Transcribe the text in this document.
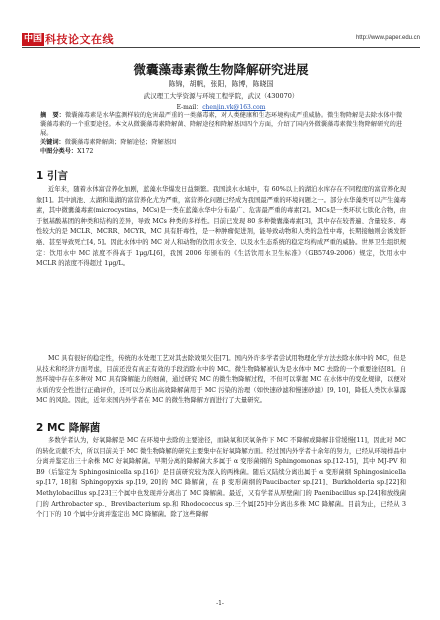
中国 科技论文在线	http://www.paper.edu.cn
微囊藻毒素微生物降解研究进展
陈锦，胡帆，张阳，陈博，陈晓国
武汉理工大学资源与环境工程学院，武汉（430070）
E-mail：chenjin.vk@163.com
摘　要：微囊藻毒素是水华监测样较的危害最严重的一类藻毒素，对人类健康和生态环境构成严重威胁。微生物降解是去除水体中微囊藻毒素的一个重要途径。本文从微囊藻毒素降解菌、降解途径和降解基因四个方面，介绍了国内外微囊藻毒素微生物降解研究的进展。
关键词：微囊藻毒素降解菌；降解途径；降解基因
中图分类号：X172
1 引言
近年来，随着水体富营养化加剧，蓝藻水华爆发日益频繁。我国淡水水域中，有 60%以上的湖泊水库存在不同程度的富营养化现象[1]。其中滇池、太湖和巢湖的富营养化尤为严重，富营养化问题已经成为我国最严重的环境问题之一。部分水华藻类可以产生藻毒素，其中微囊藻毒素(microcystins，MCs)是一类在蓝藻水华中分布最广、危害最严重的毒素[2]。MCs是一类环状七肽化合物，由于氨基酸基团的种类和结构的差异，导致 MCs 种类的多样性。目前已发现 80 多种微囊藻毒素[3]，其中存在较普遍、含量较多、毒性较大的是 MCLR、MCRR、MCYR。MC 具有肝毒性，是一种肿瘤促进剂，能导致动物和人类的急性中毒，长期接触则会诱发肝癌、甚至导致死亡[4, 5]。因此水体中的 MC 对人和动物的饮用水安全、以及水生态系统的稳定均构成严重的威胁。世界卫生组织规定：饮用水中 MC 浓度不得高于 1μg/L[6]，我国 2006 年颁布的《生活饮用水卫生标准》（GB5749-2006）规定，饮用水中 MCLR 的浓度不得超过 1μg/L。
MC 具有很好的稳定性，传统的水处理工艺对其去除效果欠佳[7]。国内外许多学者尝试用物理化学方法去除水体中的 MC，但是从技术和经济方面考虑，目前还没有真正有效的手段消除水中的 MC。微生物降解被认为是水体中 MC 去除的一个重要途径[8]。自然环境中存在多种对 MC 具有降解能力的细菌，通过研究 MC 的微生物降解过程，不但可以掌握 MC 在水体中的变化规律，以便对水质的安全性进行正确评价，还可以分离出高效降解菌用于 MC 污染的治理（如快速砂滤和慢速砂滤）[9, 10]，降低人类饮水暴露 MC 的风险。因此，近年来国内外学者在 MC 的微生物降解方面进行了大量研究。
2 MC 降解菌
多数学者认为，好氧降解是 MC 在环境中去除的主要途径，而缺氧和厌氧条件下 MC 不降解或降解非常缓慢[11]，因此对 MC 的转化贡献不大，所以目前关于 MC 微生物降解的研究主要集中在好氧降解方面。经过国内外学者十余年的努力，已经从环境样品中分离并鉴定出三十余株 MC 好氧降解菌。早期分离的降解菌大多属于 α 变形菌纲的 Sphingomonas sp.[12-15]，其中 MJ-PV 和 B9（后鉴定为 Sphingosinicella sp.[16]）是目前研究较为深入的两株菌。随后又陆续分离出属于 α 变形菌纲 Sphingosinicella sp.[17, 18]和 Sphingopyxis sp.[19, 20]的 MC 降解菌，在 β 变形菌纲的Paucibacter sp.[21]、Burkholderia sp.[22]和 Methylobacillus sp.[23]三个属中也发现并分离出了 MC 降解菌。最近，又有学者从厚壁菌门的 Paenibacillus sp.[24]和放线菌门的 Arthrobacter sp.、Brevibacterium sp.和 Rhodococcus sp.三个属[25]中分离出多株 MC 降解菌。目前为止，已经从 3 个门下的 10 个属中分离并鉴定出 MC 降解菌。除了这些降解
-1-
